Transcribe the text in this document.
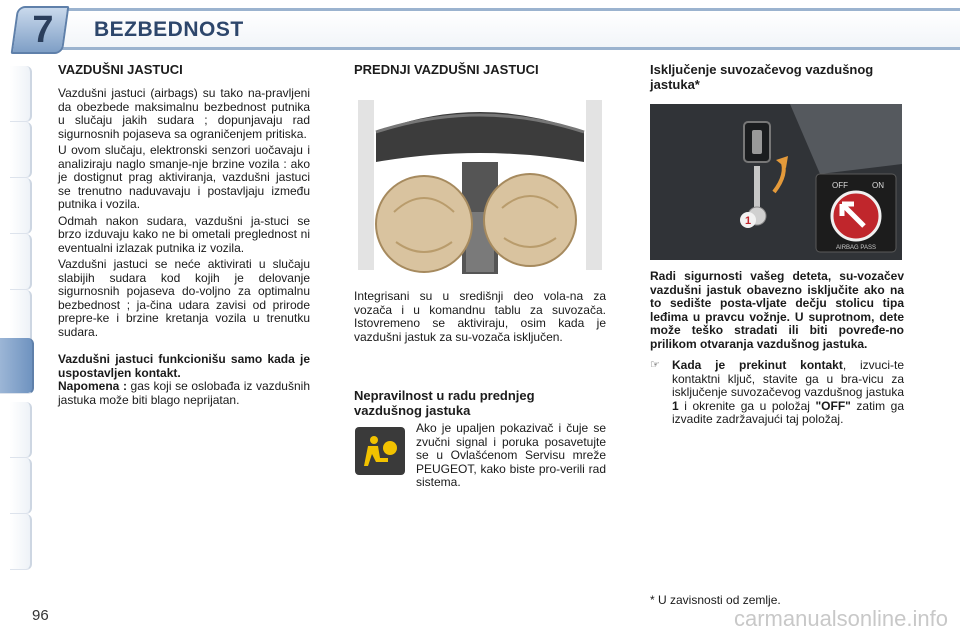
7 BEZBEDNOST
VAZDUŠNI JASTUCI

Vazdušni jastuci (airbags) su tako na-pravljeni da obezbede maksimalnu bezbednost putnika u slučaju jakih sudara ; dopunjavaju rad sigurnosnih pojaseva sa ograničenjem pritiska.

U ovom slučaju, elektronski senzori uočavaju i analiziraju naglo smanje-nje brzine vozila : ako je dostignut prag aktiviranja, vazdušni jastuci se trenutno naduvavaju i postavljaju između putnika i vozila.

Odmah nakon sudara, vazdušni ja-stuci se brzo izduvaju kako ne bi ometali preglednost ni eventualni izlazak putnika iz vozila.

Vazdušni jastuci se neće aktivirati u slučaju slabijih sudara kod kojih je delovanje sigurnosnih pojaseva do-voljno za optimalnu bezbednost ; ja-čina udara zavisi od prirode prepre-ke i brzine kretanja vozila u trenutku sudara.

Vazdušni jastuci funkcionišu samo kada je uspostavljen kontakt.

Napomena : gas koji se oslobađa iz vazdušnih jastuka može biti blago neprijatan.

PREDNJI VAZDUŠNI JASTUCI

Integrisani su u središnji deo vola-na za vozača i u komandnu tablu za suvozača. Istovremeno se aktiviraju, osim kada je vazdušni jastuk za su-vozača isključen.

Nepravilnost u radu prednjeg vazdušnog jastuka

Ako je upaljen pokazivač i čuje se zvučni signal i poruka posavetujte se u Ovlašćenom Servisu mreže PEUGEOT, kako biste pro-verili rad sistema.

Isključenje suvozačevog vazdušnog jastuka*
1
OFF	ON
AIRBAG PASS

Radi sigurnosti vašeg deteta, su-vozačev vazdušni jastuk obavezno isključite ako na to sedište posta-vljate dečju stolicu tipa leđima u pravcu vožnje. U suprotnom, dete može teško stradati ili biti povređe-no prilikom otvaranja vazdušnog jastuka.

☞	Kada je prekinut kontakt, izvuci-te kontaktni ključ, stavite ga u bra-vicu za isključenje suvozačevog vazdušnog jastuka 1 i okrenite ga u položaj "OFF" zatim ga izvadite zadržavajući taj položaj.

* U zavisnosti od zemlje.
96	carmanualsonline.info
